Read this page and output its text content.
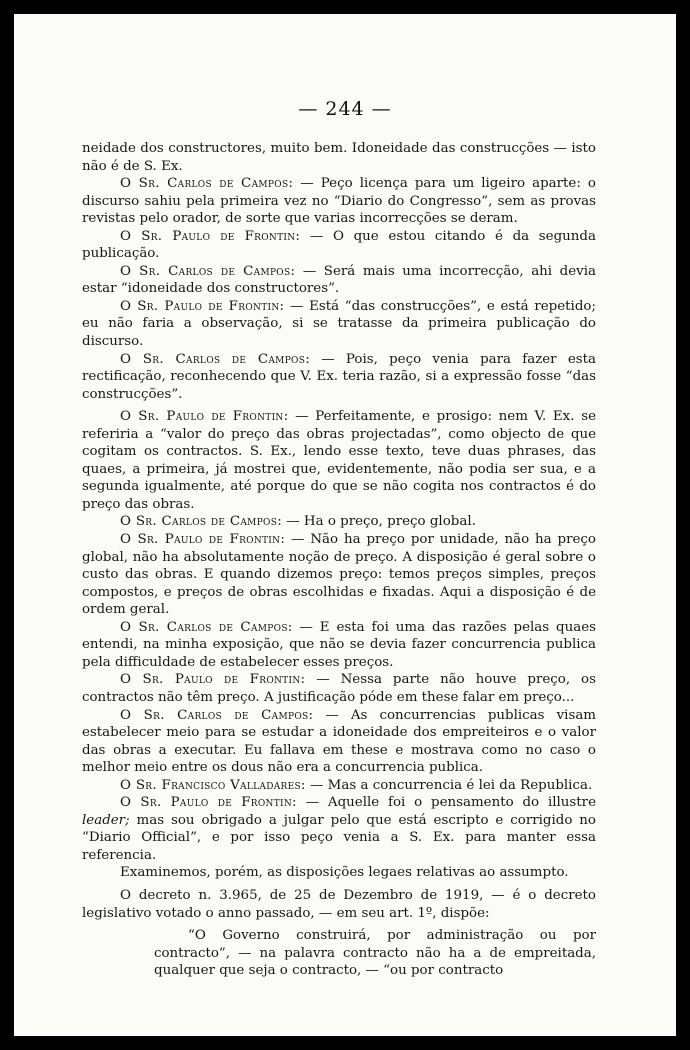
— 244 —

neidade dos constructores, muito bem. Idoneidade das construcções — isto não é de S. Ex.

O Sr. Carlos de Campos: — Peço licença para um ligeiro aparte: o discurso sahiu pela primeira vez no “Diario do Congresso”, sem as provas revistas pelo orador, de sorte que varias incorrecções se deram.

O Sr. Paulo de Frontin: — O que estou citando é da segunda publicação.

O Sr. Carlos de Campos: — Será mais uma incorrecção, ahi devia estar “idoneidade dos constructores”.

O Sr. Paulo de Frontin: — Está “das construcções”, e está repetido; eu não faria a observação, si se tratasse da primeira publicação do discurso.

O Sr. Carlos de Campos: — Pois, peço venia para fazer esta rectificação, reconhecendo que V. Ex. teria razão, si a expressão fosse “das construcções”.

O Sr. Paulo de Frontin: — Perfeitamente, e prosigo: nem V. Ex. se referiria a “valor do preço das obras projectadas”, como objecto de que cogitam os contractos. S. Ex., lendo esse texto, teve duas phrases, das quaes, a primeira, já mostrei que, evidentemente, não podia ser sua, e a segunda igualmente, até porque do que se não cogita nos contractos é do preço das obras.

O Sr. Carlos de Campos: — Ha o preço, preço global.

O Sr. Paulo de Frontin: — Não ha preço por unidade, não ha preço global, não ha absolutamente noção de preço. A disposição é geral sobre o custo das obras. E quando dizemos preço: temos preços simples, preços compostos, e preços de obras escolhidas e fixadas. Aqui a disposição é de ordem geral.

O Sr. Carlos de Campos: — E esta foi uma das razões pelas quaes entendi, na minha exposição, que não se devia fazer concurrencia publica pela difficuldade de estabelecer esses preços.

O Sr. Paulo de Frontin: — Nessa parte não houve preço, os contractos não têm preço. A justificação póde em these falar em preço...

O Sr. Carlos de Campos: — As concurrencias publicas visam estabelecer meio para se estudar a idoneidade dos empreiteiros e o valor das obras a executar. Eu fallava em these e mostrava como no caso o melhor meio entre os dous não era a concurrencia publica.

O Sr. Francisco Valladares: — Mas a concurrencia é lei da Republica.

O Sr. Paulo de Frontin: — Aquelle foi o pensamento do illustre leader; mas sou obrigado a julgar pelo que está escripto e corrigido no “Diario Official”, e por isso peço venia a S. Ex. para manter essa referencia.

Examinemos, porém, as disposições legaes relativas ao assumpto.

O decreto n. 3.965, de 25 de Dezembro de 1919, — é o decreto legislativo votado o anno passado, — em seu art. 1º, dispõe:

“O Governo construirá, por administração ou por contracto”, — na palavra contracto não ha a de empreitada, qualquer que seja o contracto, — “ou por contracto
